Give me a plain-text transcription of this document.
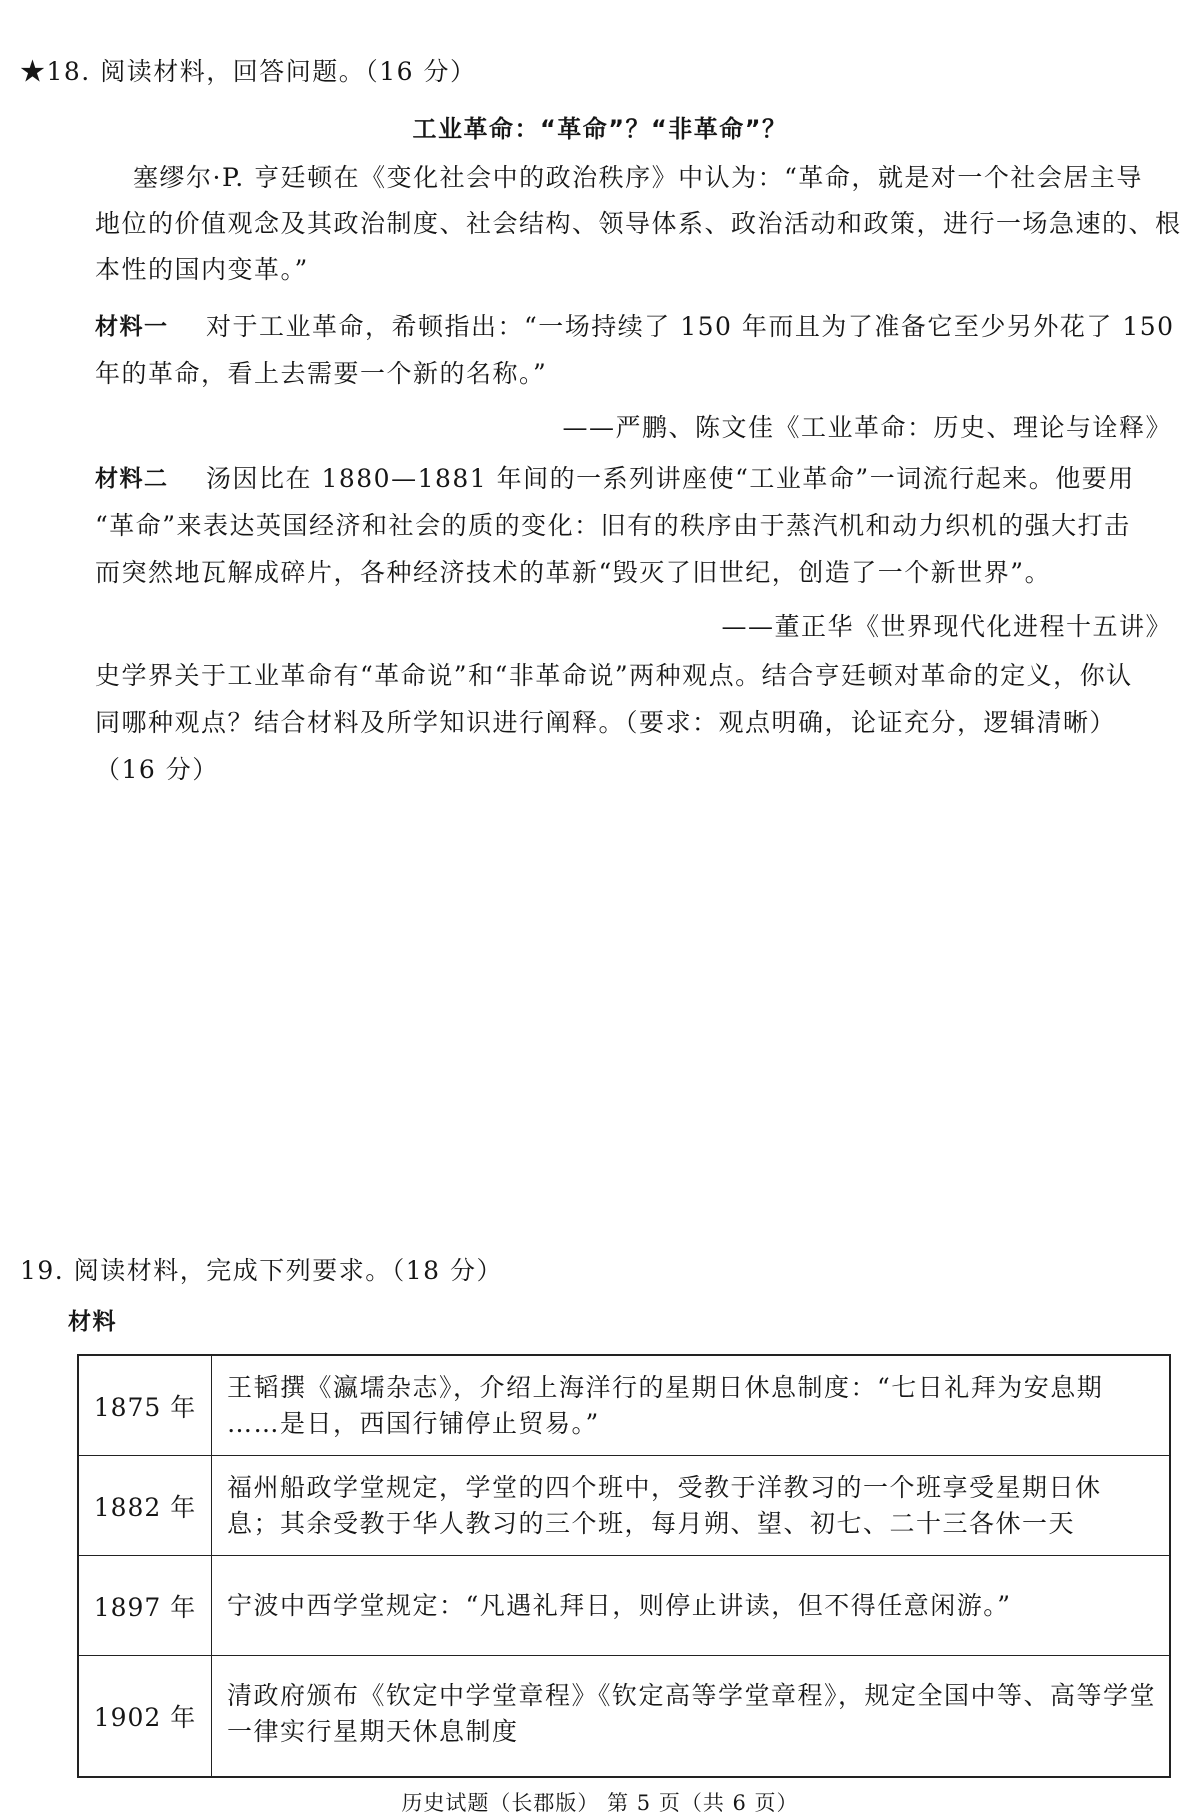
★18. 阅读材料，回答问题。（16 分）
工业革命：“革命”？“非革命”？
塞缪尔·P. 亨廷顿在《变化社会中的政治秩序》中认为：“革命，就是对一个社会居主导
地位的价值观念及其政治制度、社会结构、领导体系、政治活动和政策，进行一场急速的、根
本性的国内变革。”
材料一 对于工业革命，希顿指出：“一场持续了 150 年而且为了准备它至少另外花了 150
年的革命，看上去需要一个新的名称。”
——严鹏、陈文佳《工业革命：历史、理论与诠释》
材料二 汤因比在 1880—1881 年间的一系列讲座使“工业革命”一词流行起来。他要用
“革命”来表达英国经济和社会的质的变化：旧有的秩序由于蒸汽机和动力织机的强大打击
而突然地瓦解成碎片，各种经济技术的革新“毁灭了旧世纪，创造了一个新世界”。
——董正华《世界现代化进程十五讲》
史学界关于工业革命有“革命说”和“非革命说”两种观点。结合亨廷顿对革命的定义，你认
同哪种观点？结合材料及所学知识进行阐释。（要求：观点明确，论证充分，逻辑清晰）
（16 分）
19. 阅读材料，完成下列要求。（18 分）
材料
1875 年
王韬撰《瀛壖杂志》，介绍上海洋行的星期日休息制度：“七日礼拜为安息期
……是日，西国行铺停止贸易。”
1882 年
福州船政学堂规定，学堂的四个班中，受教于洋教习的一个班享受星期日休
息；其余受教于华人教习的三个班，每月朔、望、初七、二十三各休一天
1897 年	宁波中西学堂规定：“凡遇礼拜日，则停止讲读，但不得任意闲游。”
1902 年
清政府颁布《钦定中学堂章程》《钦定高等学堂章程》，规定全国中等、高等学堂
一律实行星期天休息制度
历史试题（长郡版） 第 5 页（共 6 页）
